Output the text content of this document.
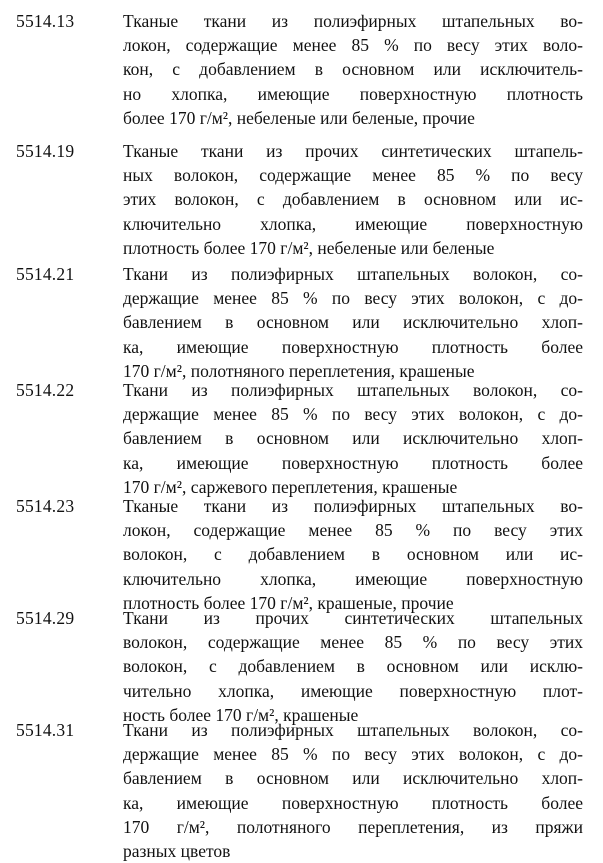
5514.13	Тканые ткани из полиэфирных штапельных во-
локон, содержащие менее 85 % по весу этих воло-
кон, с добавлением в основном или исключитель-
но хлопка, имеющие поверхностную плотность
более 170 г/м², небеленые или беленые, прочие
5514.19	Тканые ткани из прочих синтетических штапель-
ных волокон, содержащие менее 85 % по весу
этих волокон, с добавлением в основном или ис-
ключительно хлопка, имеющие поверхностную
плотность более 170 г/м², небеленые или беленые
5514.21	Ткани из полиэфирных штапельных волокон, со-
держащие менее 85 % по весу этих волокон, с до-
бавлением в основном или исключительно хлоп-
ка, имеющие поверхностную плотность более
170 г/м², полотняного переплетения, крашеные
5514.22	Ткани из полиэфирных штапельных волокон, со-
держащие менее 85 % по весу этих волокон, с до-
бавлением в основном или исключительно хлоп-
ка, имеющие поверхностную плотность более
170 г/м², саржевого переплетения, крашеные
5514.23	Тканые ткани из полиэфирных штапельных во-
локон, содержащие менее 85 % по весу этих
волокон, с добавлением в основном или ис-
ключительно хлопка, имеющие поверхностную
плотность более 170 г/м², крашеные, прочие
5514.29	Ткани из прочих синтетических штапельных
волокон, содержащие менее 85 % по весу этих
волокон, с добавлением в основном или исклю-
чительно хлопка, имеющие поверхностную плот-
ность более 170 г/м², крашеные
5514.31	Ткани из полиэфирных штапельных волокон, со-
держащие менее 85 % по весу этих волокон, с до-
бавлением в основном или исключительно хлоп-
ка, имеющие поверхностную плотность более
170 г/м², полотняного переплетения, из пряжи
разных цветов
